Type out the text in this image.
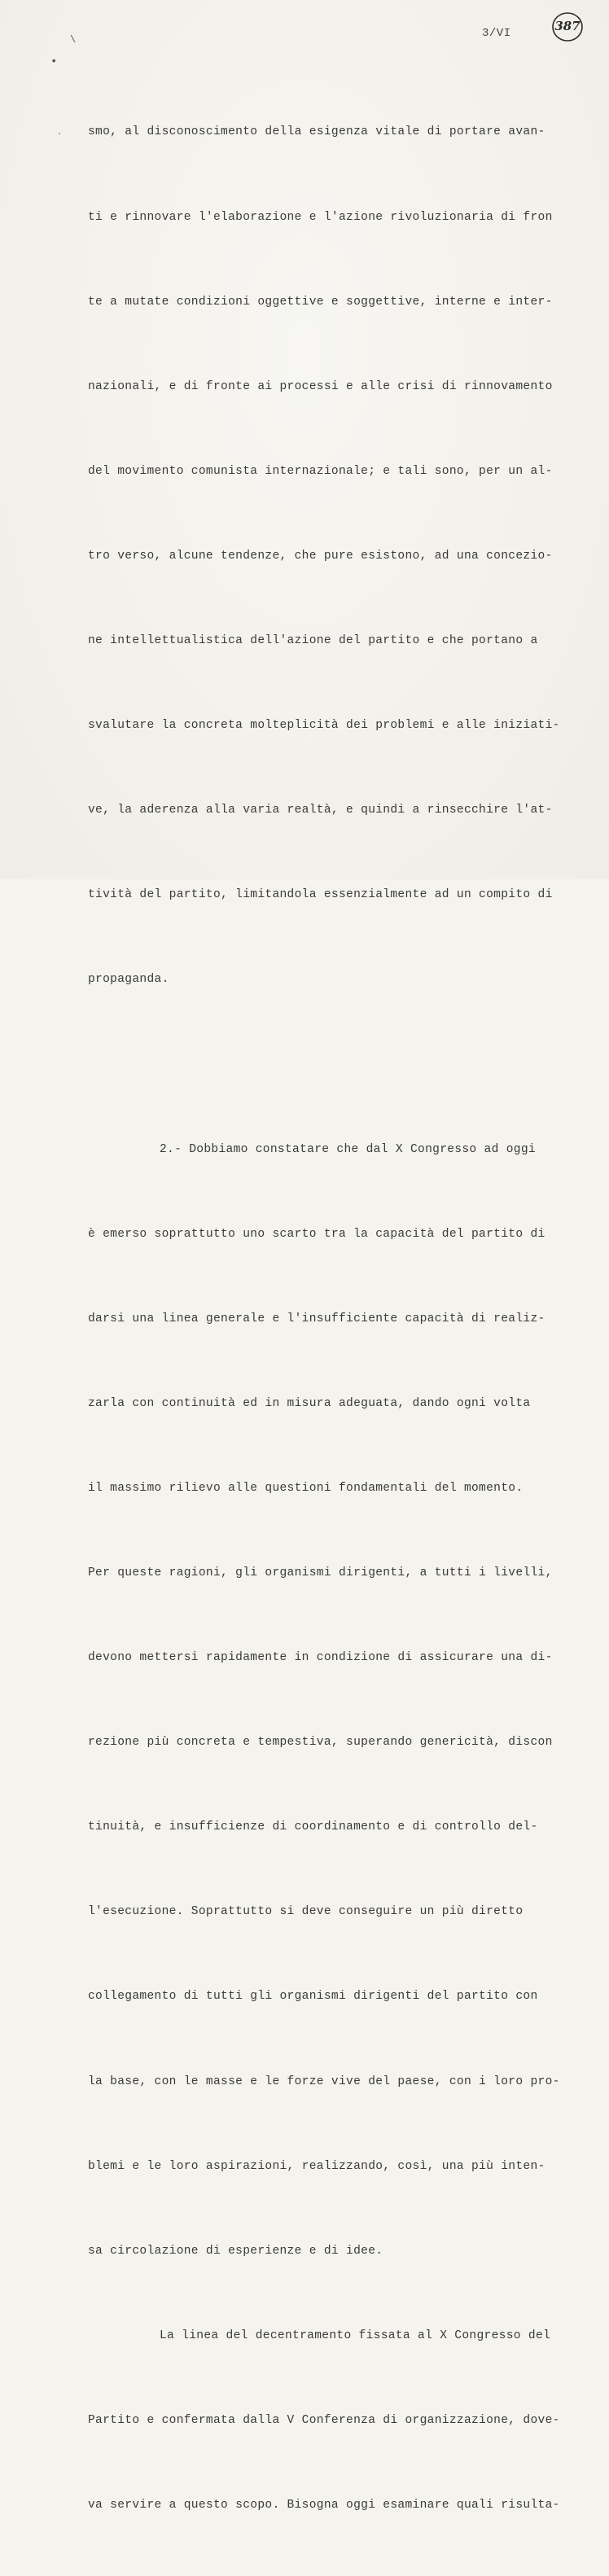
\
•
·
3/VI	387

smo, al disconoscimento della esigenza vitale di portare avan-

ti e rinnovare l'elaborazione e l'azione rivoluzionaria di fron

te a mutate condizioni oggettive e soggettive, interne e inter-

nazionali, e di fronte ai processi e alle crisi di rinnovamento

del movimento comunista internazionale; e tali sono, per un al-

tro verso, alcune tendenze, che pure esistono, ad una concezio-

ne intellettualistica dell'azione del partito e che portano a

svalutare la concreta molteplicità dei problemi e alle iniziati-

ve, la aderenza alla varia realtà, e quindi a rinsecchire l'at-

tività del partito, limitandola essenzialmente ad un compito di

propaganda.

2.- Dobbiamo constatare che dal X Congresso ad oggi

è emerso soprattutto uno scarto tra la capacità del partito di

darsi una linea generale e l'insufficiente capacità di realiz-

zarla con continuità ed in misura adeguata, dando ogni volta

il massimo rilievo alle questioni fondamentali del momento.

Per queste ragioni, gli organismi dirigenti, a tutti i livelli,

devono mettersi rapidamente in condizione di assicurare una di-

rezione più concreta e tempestiva, superando genericità, discon

tinuità, e insufficienze di coordinamento e di controllo del-

l'esecuzione. Soprattutto si deve conseguire un più diretto

collegamento di tutti gli organismi dirigenti del partito con

la base, con le masse e le forze vive del paese, con i loro pro-

blemi e le loro aspirazioni, realizzando, così, una più inten-

sa circolazione di esperienze e di idee.

La linea del decentramento fissata al X Congresso del

Partito e confermata dalla V Conferenza di organizzazione, dove-

va servire a questo scopo. Bisogna oggi esaminare quali risulta-
